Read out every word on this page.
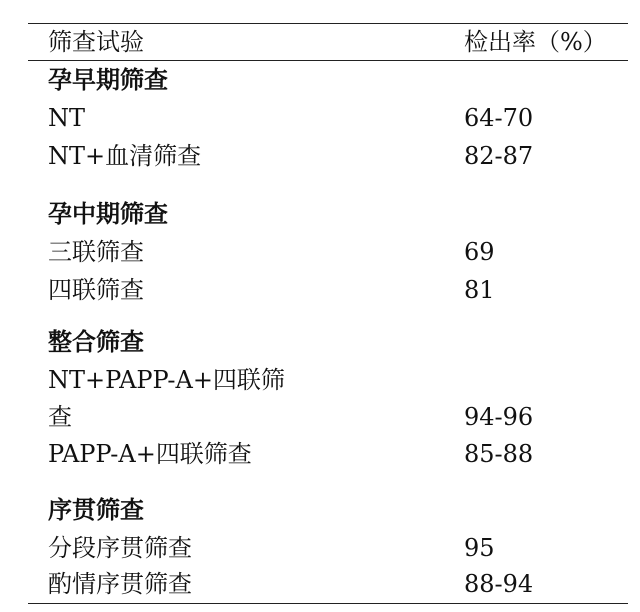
筛查试验	检出率（%）
孕早期筛查
NT	64-70
NT+血清筛查	82-87
孕中期筛查
三联筛查	69
四联筛查	81
整合筛查
NT+PAPP-A+四联筛
查	94-96
PAPP-A+四联筛查	85-88
序贯筛查
分段序贯筛查	95
酌情序贯筛查	88-94
